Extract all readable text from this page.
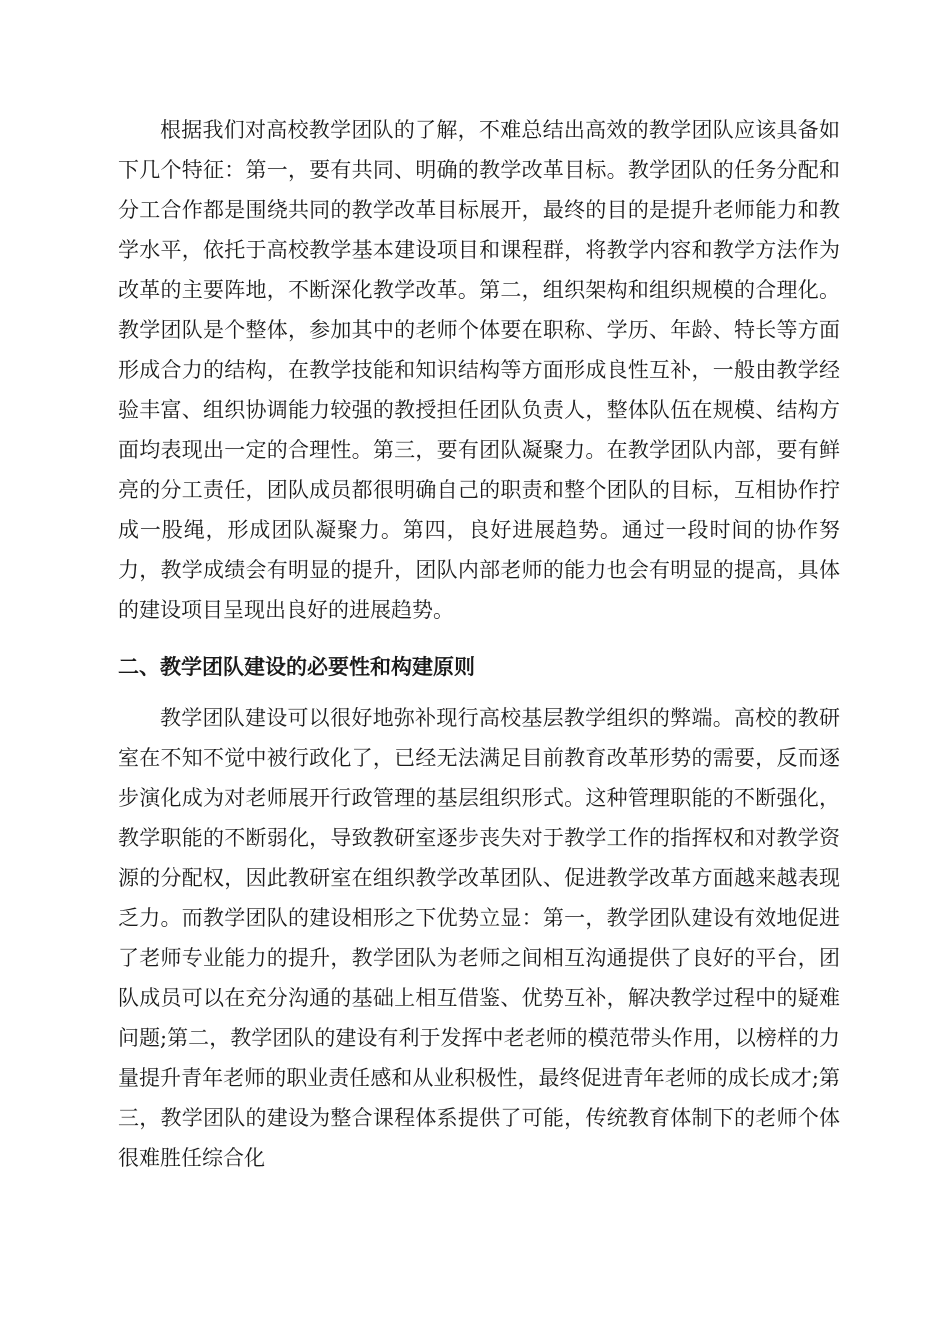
根据我们对高校教学团队的了解，不难总结出高效的教学团队应该具备如下几个特征：第一，要有共同、明确的教学改革目标。教学团队的任务分配和分工合作都是围绕共同的教学改革目标展开，最终的目的是提升老师能力和教学水平，依托于高校教学基本建设项目和课程群，将教学内容和教学方法作为改革的主要阵地，不断深化教学改革。第二，组织架构和组织规模的合理化。教学团队是个整体，参加其中的老师个体要在职称、学历、年龄、特长等方面形成合力的结构，在教学技能和知识结构等方面形成良性互补，一般由教学经验丰富、组织协调能力较强的教授担任团队负责人，整体队伍在规模、结构方面均表现出一定的合理性。第三，要有团队凝聚力。在教学团队内部，要有鲜亮的分工责任，团队成员都很明确自己的职责和整个团队的目标，互相协作拧成一股绳，形成团队凝聚力。第四，良好进展趋势。通过一段时间的协作努力，教学成绩会有明显的提升，团队内部老师的能力也会有明显的提高，具体的建设项目呈现出良好的进展趋势。

二、教学团队建设的必要性和构建原则

教学团队建设可以很好地弥补现行高校基层教学组织的弊端。高校的教研室在不知不觉中被行政化了，已经无法满足目前教育改革形势的需要，反而逐步演化成为对老师展开行政管理的基层组织形式。这种管理职能的不断强化，教学职能的不断弱化，导致教研室逐步丧失对于教学工作的指挥权和对教学资源的分配权，因此教研室在组织教学改革团队、促进教学改革方面越来越表现乏力。而教学团队的建设相形之下优势立显：第一，教学团队建设有效地促进了老师专业能力的提升，教学团队为老师之间相互沟通提供了良好的平台，团队成员可以在充分沟通的基础上相互借鉴、优势互补，解决教学过程中的疑难问题;第二，教学团队的建设有利于发挥中老老师的模范带头作用，以榜样的力量提升青年老师的职业责任感和从业积极性，最终促进青年老师的成长成才;第三，教学团队的建设为整合课程体系提供了可能，传统教育体制下的老师个体很难胜任综合化
